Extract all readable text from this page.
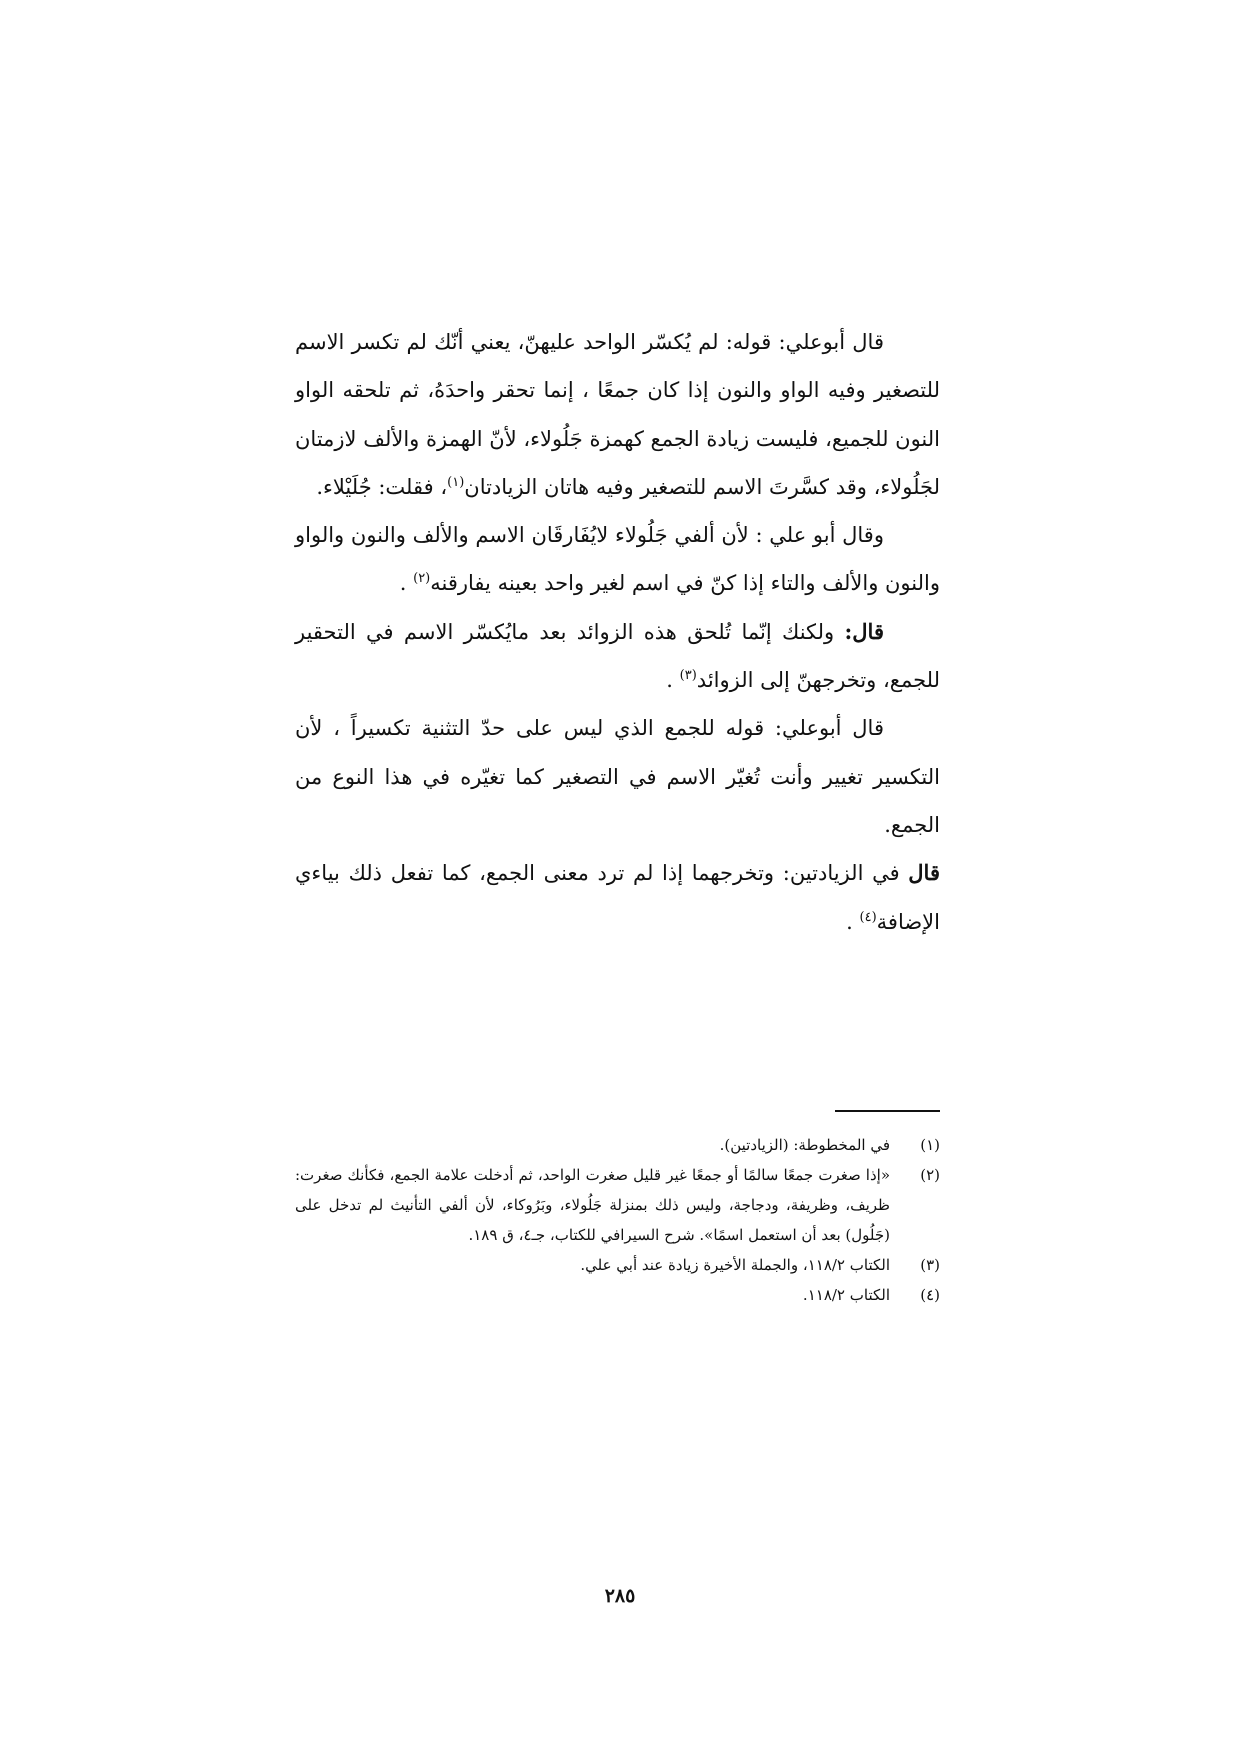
قال أبوعلي: قوله: لم يُكسّر الواحد عليهنّ، يعني أنّك لم تكسر الاسم للتصغير وفيه الواو والنون إذا كان جمعًا ، إنما تحقر واحدَهُ، ثم تلحقه الواو النون للجميع، فليست زيادة الجمع كهمزة جَلُولاء، لأنّ الهمزة والألف لازمتان لجَلُولاء، وقد كسَّرتَ الاسم للتصغير وفيه هاتان الزيادتان$^{(١)}$، فقلت: جُلَيْلاء.

وقال أبو علي : لأن ألفي جَلُولاء لايُفَارقَان الاسم والألف والنون والواو والنون والألف والتاء إذا كنّ في اسم لغير واحد بعينه يفارقنه$^{(٢)}$ .

قال: ولكنك إنّما تُلحق هذه الزوائد بعد مايُكسّر الاسم في التحقير للجمع، وتخرجهنّ إلى الزوائد$^{(٣)}$ .

قال أبوعلي: قوله للجمع الذي ليس على حدّ التثنية تكسيراً ، لأن التكسير تغيير وأنت تُغيّر الاسم في التصغير كما تغيّره في هذا النوع من الجمع.

قال في الزيادتين: وتخرجهما إذا لم ترد معنى الجمع، كما تفعل ذلك بياءي الإضافة$^{(٤)}$ .

(١)
في المخطوطة: (الزيادتين).
(٢)
«إذا صغرت جمعًا سالمًا أو جمعًا غير قليل صغرت الواحد، ثم أدخلت علامة الجمع، فكأنك صغرت: ظريف، وظريفة، ودجاجة، وليس ذلك بمنزلة جَلُولاء، وبَرُوكاء، لأن ألفي التأنيث لم تدخل على (جَلُول) بعد أن استعمل اسمًا». شرح السيرافي للكتاب، جـ٤، ق ١٨٩.
(٣)
الكتاب ١١٨/٢، والجملة الأخيرة زيادة عند أبي علي.
(٤)
الكتاب ١١٨/٢.
٢٨٥
